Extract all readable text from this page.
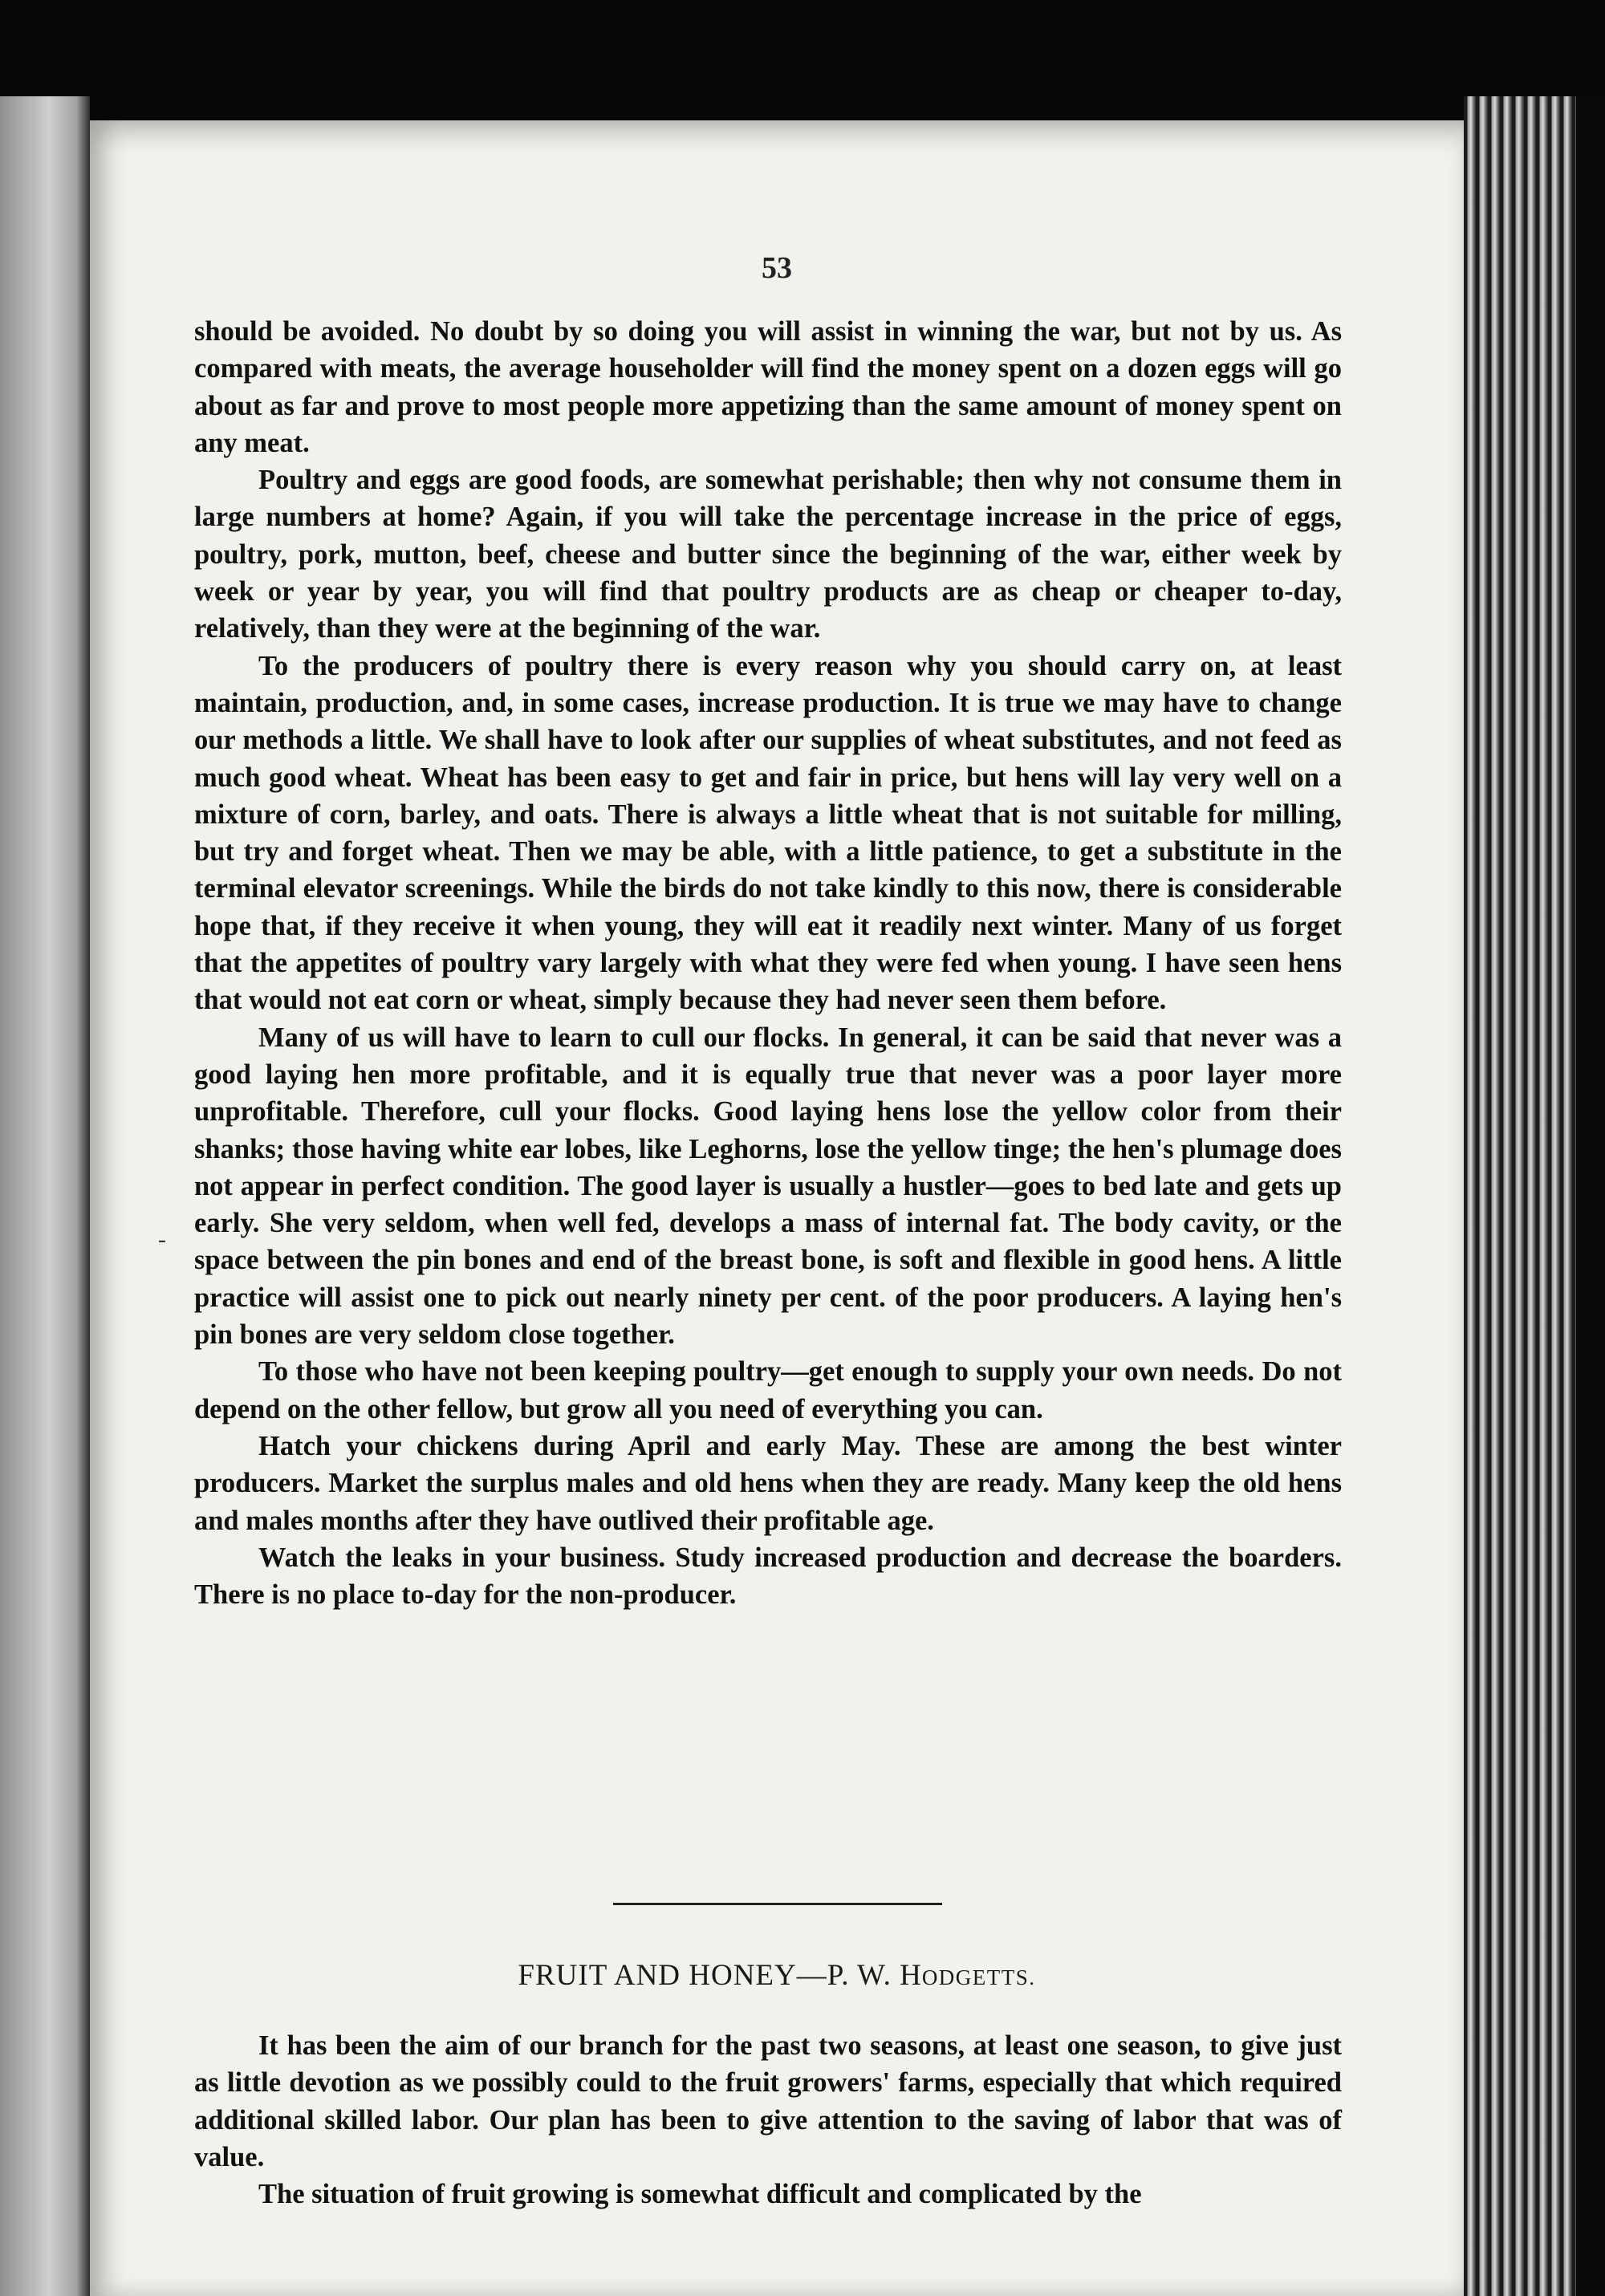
53

should be avoided. No doubt by so doing you will assist in winning the war, but not by us. As compared with meats, the average householder will find the money spent on a dozen eggs will go about as far and prove to most people more appetizing than the same amount of money spent on any meat.

Poultry and eggs are good foods, are somewhat perishable; then why not consume them in large numbers at home? Again, if you will take the percentage increase in the price of eggs, poultry, pork, mutton, beef, cheese and butter since the beginning of the war, either week by week or year by year, you will find that poultry products are as cheap or cheaper to-day, relatively, than they were at the beginning of the war.

To the producers of poultry there is every reason why you should carry on, at least maintain, production, and, in some cases, increase production. It is true we may have to change our methods a little. We shall have to look after our supplies of wheat substitutes, and not feed as much good wheat. Wheat has been easy to get and fair in price, but hens will lay very well on a mixture of corn, barley, and oats. There is always a little wheat that is not suitable for milling, but try and forget wheat. Then we may be able, with a little patience, to get a substitute in the terminal elevator screenings. While the birds do not take kindly to this now, there is considerable hope that, if they receive it when young, they will eat it readily next winter. Many of us forget that the appetites of poultry vary largely with what they were fed when young. I have seen hens that would not eat corn or wheat, simply because they had never seen them before.

Many of us will have to learn to cull our flocks. In general, it can be said that never was a good laying hen more profitable, and it is equally true that never was a poor layer more unprofitable. Therefore, cull your flocks. Good laying hens lose the yellow color from their shanks; those having white ear lobes, like Leghorns, lose the yellow tinge; the hen's plumage does not appear in perfect condition. The good layer is usually a hustler—goes to bed late and gets up early. She very seldom, when well fed, develops a mass of internal fat. The body cavity, or the space between the pin bones and end of the breast bone, is soft and flexible in good hens. A little practice will assist one to pick out nearly ninety per cent. of the poor producers. A laying hen's pin bones are very seldom close together.

To those who have not been keeping poultry—get enough to supply your own needs. Do not depend on the other fellow, but grow all you need of everything you can.

Hatch your chickens during April and early May. These are among the best winter producers. Market the surplus males and old hens when they are ready. Many keep the old hens and males months after they have outlived their profitable age.

Watch the leaks in your business. Study increased production and decrease the boarders. There is no place to-day for the non-producer.

-
FRUIT AND HONEY—P. W. HODGETTS.

It has been the aim of our branch for the past two seasons, at least one season, to give just as little devotion as we possibly could to the fruit growers' farms, especially that which required additional skilled labor. Our plan has been to give attention to the saving of labor that was of value.

The situation of fruit growing is somewhat difficult and complicated by the
